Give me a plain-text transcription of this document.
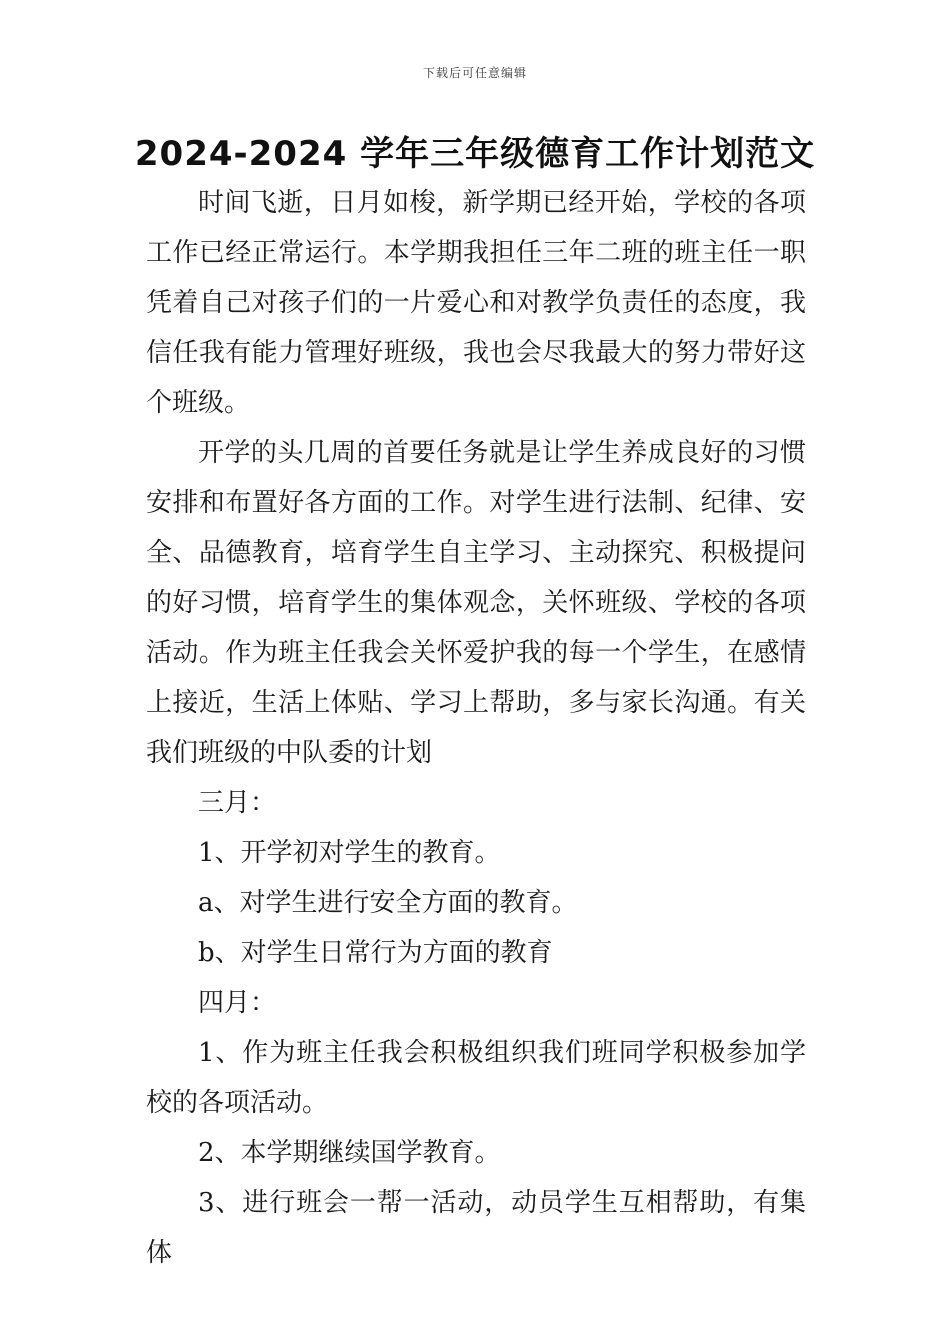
下载后可任意编辑
2024-2024 学年三年级德育工作计划范文

时间飞逝，日月如梭，新学期已经开始，学校的各项工作已经正常运行。本学期我担任三年二班的班主任一职凭着自己对孩子们的一片爱心和对教学负责任的态度，我信任我有能力管理好班级，我也会尽我最大的努力带好这个班级。

开学的头几周的首要任务就是让学生养成良好的习惯安排和布置好各方面的工作。对学生进行法制、纪律、安全、品德教育，培育学生自主学习、主动探究、积极提问的好习惯，培育学生的集体观念，关怀班级、学校的各项活动。作为班主任我会关怀爱护我的每一个学生，在感情上接近，生活上体贴、学习上帮助，多与家长沟通。有关我们班级的中队委的计划

三月：

1、开学初对学生的教育。

a、对学生进行安全方面的教育。

b、对学生日常行为方面的教育

四月：

1、作为班主任我会积极组织我们班同学积极参加学校的各项活动。

2、本学期继续国学教育。

3、进行班会一帮一活动，动员学生互相帮助，有集体
